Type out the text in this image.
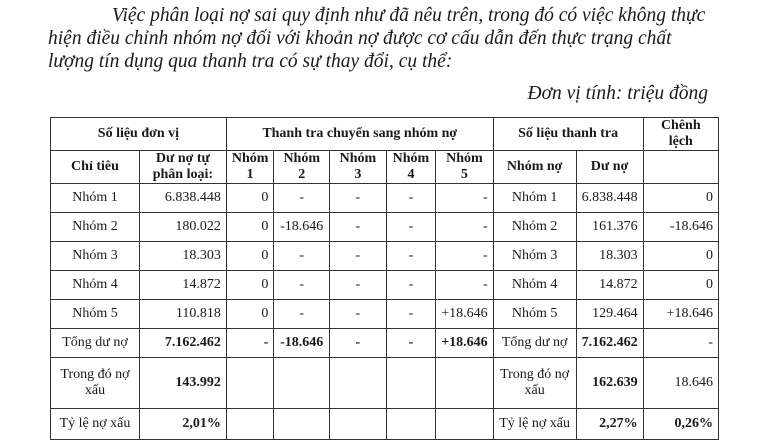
Việc phân loại nợ sai quy định như đã nêu trên, trong đó có việc không thực
hiện điều chỉnh nhóm nợ đối với khoản nợ được cơ cấu dẫn đến thực trạng chất
lượng tín dụng qua thanh tra có sự thay đổi, cụ thể:
Đơn vị tính: triệu đồng
Số liệu đơn vị		Thanh tra chuyển sang nhóm nợ					Số liệu thanh tra		Chênh lệch
Chỉ tiêu	Dư nợ tự phân loại:	Nhóm 1	Nhóm 2	Nhóm 3	Nhóm 4	Nhóm 5	Nhóm nợ	Dư nợ	
Nhóm 1	6.838.448	0	-	-	-	-	Nhóm 1	6.838.448	0
Nhóm 2	180.022	0	-18.646	-	-	-	Nhóm 2	161.376	-18.646
Nhóm 3	18.303	0	-	-	-	-	Nhóm 3	18.303	0
Nhóm 4	14.872	0	-	-	-	-	Nhóm 4	14.872	0
Nhóm 5	110.818	0	-	-	-	+18.646	Nhóm 5	129.464	+18.646
Tổng dư nợ	7.162.462	-	-18.646	-	-	+18.646	Tổng dư nợ	7.162.462	-
Trong đó nợ xấu	143.992						Trong đó nợ xấu	162.639	18.646
Tỷ lệ nợ xấu	2,01%						Tỷ lệ nợ xấu	2,27%	0,26%
